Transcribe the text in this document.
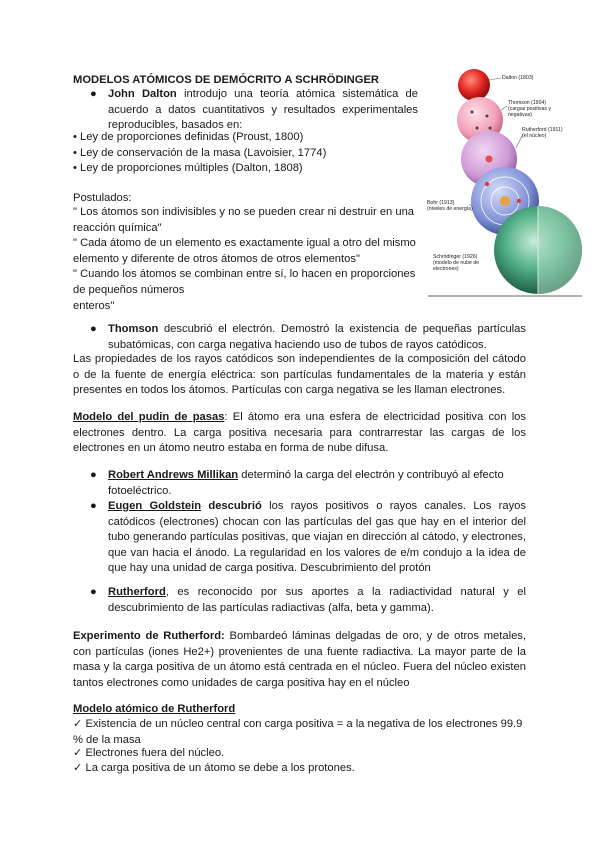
MODELOS ATÓMICOS DE DEMÓCRITO A SCHRÖDINGER

● John Dalton introdujo una teoría atómica sistemática de acuerdo a datos cuantitativos y resultados experimentales reproducibles, basados en:

• Ley de proporciones definidas (Proust, 1800)

• Ley de conservación de la masa (Lavoisier, 1774)

• Ley de proporciones múltiples (Dalton, 1808)

Postulados:

" Los átomos son indivisibles y no se pueden crear ni destruir en una reacción química"

" Cada átomo de un elemento es exactamente igual a otro del mismo elemento y diferente de otros átomos de otros elementos"

" Cuando los átomos se combinan entre sí, lo hacen en proporciones de pequeños números

enteros"

Dalton (1803)
Thomson (1904) (cargas positivas y negativas)
Rutherford (1911) (el núcleo)
Bohr (1913) (niveles de energía)
Schrödinger (1926) (modelo de nube de electrones)
● Thomson descubrió el electrón. Demostró la existencia de pequeñas partículas subatómicas, con carga negativa haciendo uso de tubos de rayos catódicos.

Las propiedades de los rayos catódicos son independientes de la composición del cátodo o de la fuente de energía eléctrica: son partículas fundamentales de la materia y están presentes en todos los átomos. Partículas con carga negativa se les llaman electrones.

Modelo del pudin de pasas: El átomo era una esfera de electricidad positiva con los electrones dentro. La carga positiva necesaria para contrarrestar las cargas de los electrones en un átomo neutro estaba en forma de nube difusa.

● Robert Andrews Millikan determinó la carga del electrón y contribuyó al efecto fotoeléctrico.
● Eugen Goldstein descubrió los rayos positivos o rayos canales. Los rayos catódicos (electrones) chocan con las partículas del gas que hay en el interior del tubo generando partículas positivas, que viajan en dirección al cátodo, y electrones, que van hacia el ánodo. La regularidad en los valores de e/m condujo a la idea de que hay una unidad de carga positiva. Descubrimiento del protón
● Rutherford, es reconocido por sus aportes a la radiactividad natural y el descubrimiento de las partículas radiactivas (alfa, beta y gamma).

Experimento de Rutherford: Bombardeó láminas delgadas de oro, y de otros metales, con partículas (iones He2+) provenientes de una fuente radiactiva. La mayor parte de la masa y la carga positiva de un átomo está centrada en el núcleo. Fuera del núcleo existen tantos electrones como unidades de carga positiva hay en el núcleo

Modelo atómico de Rutherford

✓ Existencia de un núcleo central con carga positiva = a la negativa de los electrones 99.9 % de la masa

✓ Electrones fuera del núcleo.

✓ La carga positiva de un átomo se debe a los protones.
